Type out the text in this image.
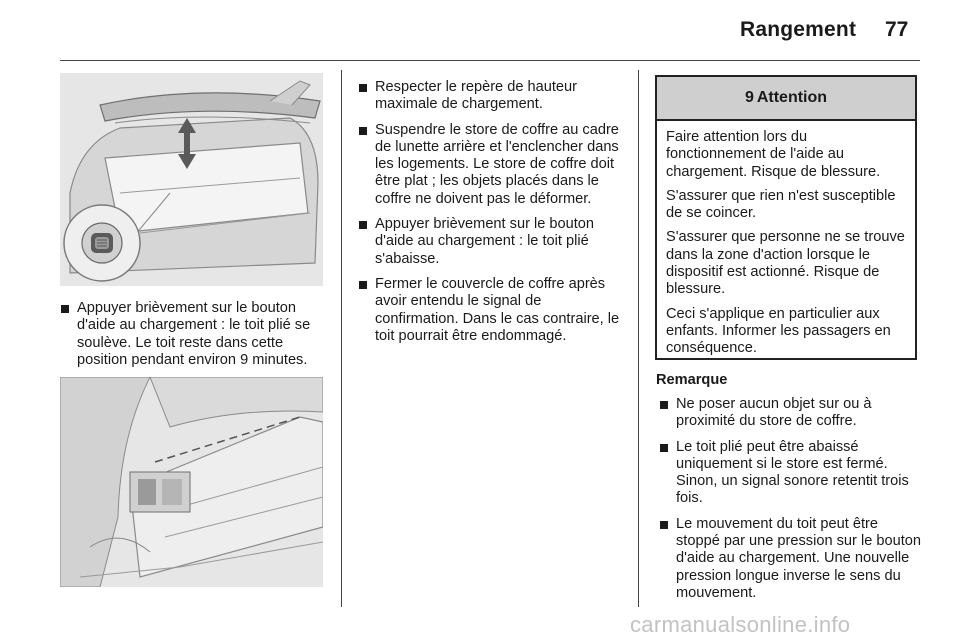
Rangement 77
Appuyer brièvement sur le bouton d'aide au chargement : le toit plié se soulève. Le toit reste dans cette position pendant environ 9 minutes.
Respecter le repère de hauteur maximale de chargement.
Suspendre le store de coffre au cadre de lunette arrière et l'enclencher dans les logements. Le store de coffre doit être plat ; les objets placés dans le coffre ne doivent pas le déformer.
Appuyer brièvement sur le bouton d'aide au chargement : le toit plié s'abaisse.
Fermer le couvercle de coffre après avoir entendu le signal de confirmation. Dans le cas contraire, le toit pourrait être endommagé.
9 Attention

Faire attention lors du fonctionnement de l'aide au chargement. Risque de blessure.

S'assurer que rien n'est susceptible de se coincer.

S'assurer que personne ne se trouve dans la zone d'action lorsque le dispositif est actionné. Risque de blessure.

Ceci s'applique en particulier aux enfants. Informer les passagers en conséquence.

Remarque
Ne poser aucun objet sur ou à proximité du store de coffre.
Le toit plié peut être abaissé uniquement si le store est fermé. Sinon, un signal sonore retentit trois fois.
Le mouvement du toit peut être stoppé par une pression sur le bouton d'aide au chargement. Une nouvelle pression longue inverse le sens du mouvement.
carmanualsonline.info
